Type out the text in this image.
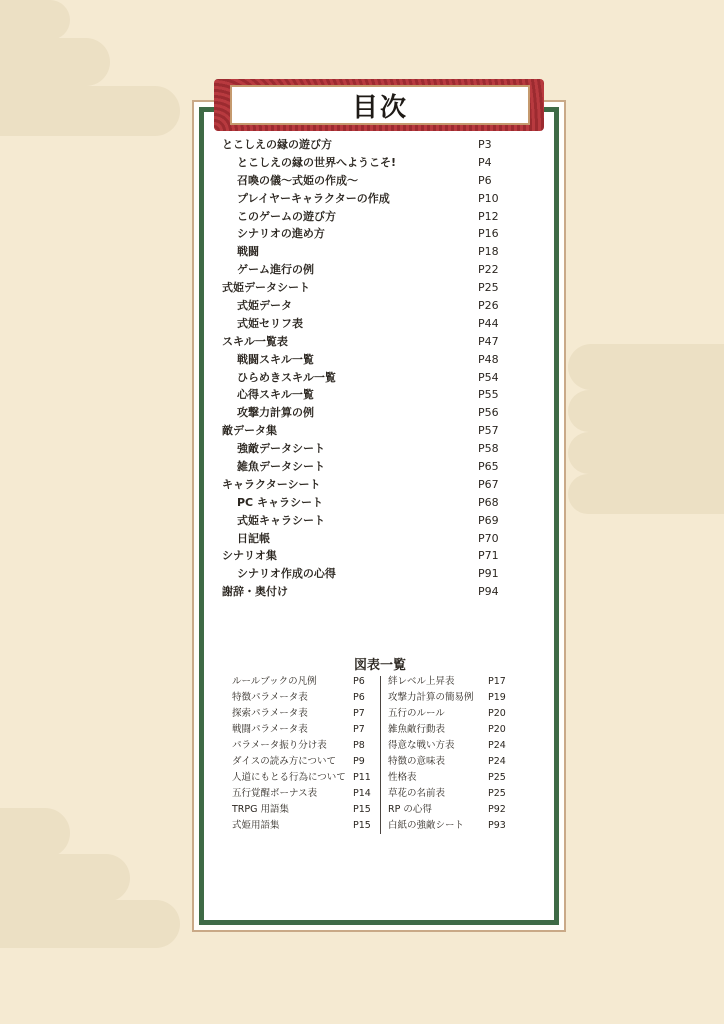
目次
とこしえの縁の遊び方	P3
とこしえの縁の世界へようこそ!	P4
召喚の儀〜式姫の作成〜	P6
プレイヤーキャラクターの作成	P10
このゲームの遊び方	P12
シナリオの進め方	P16
戦闘	P18
ゲーム進行の例	P22
式姫データシート	P25
式姫データ	P26
式姫セリフ表	P44
スキル一覧表	P47
戦闘スキル一覧	P48
ひらめきスキル一覧	P54
心得スキル一覧	P55
攻撃力計算の例	P56
敵データ集	P57
強敵データシート	P58
雑魚データシート	P65
キャラクターシート	P67
PC キャラシート	P68
式姫キャラシート	P69
日記帳	P70
シナリオ集	P71
シナリオ作成の心得	P91
謝辞・奥付け	P94
図表一覧
ルールブックの凡例	P6
特徴パラメータ表	P6
探索パラメータ表	P7
戦闘パラメータ表	P7
パラメータ振り分け表	P8
ダイスの読み方について P9
人道にもとる行為について P11
五行覚醒ボーナス表	P14
TRPG 用語集	P15
式姫用語集	P15
絆レベル上昇表	P17
攻撃力計算の簡易例 P19
五行のルール	P20
雑魚敵行動表	P20
得意な戦い方表	P24
特徴の意味表	P24
性格表	P25
草花の名前表	P25
RP の心得	P92
白紙の強敵シート	P93
